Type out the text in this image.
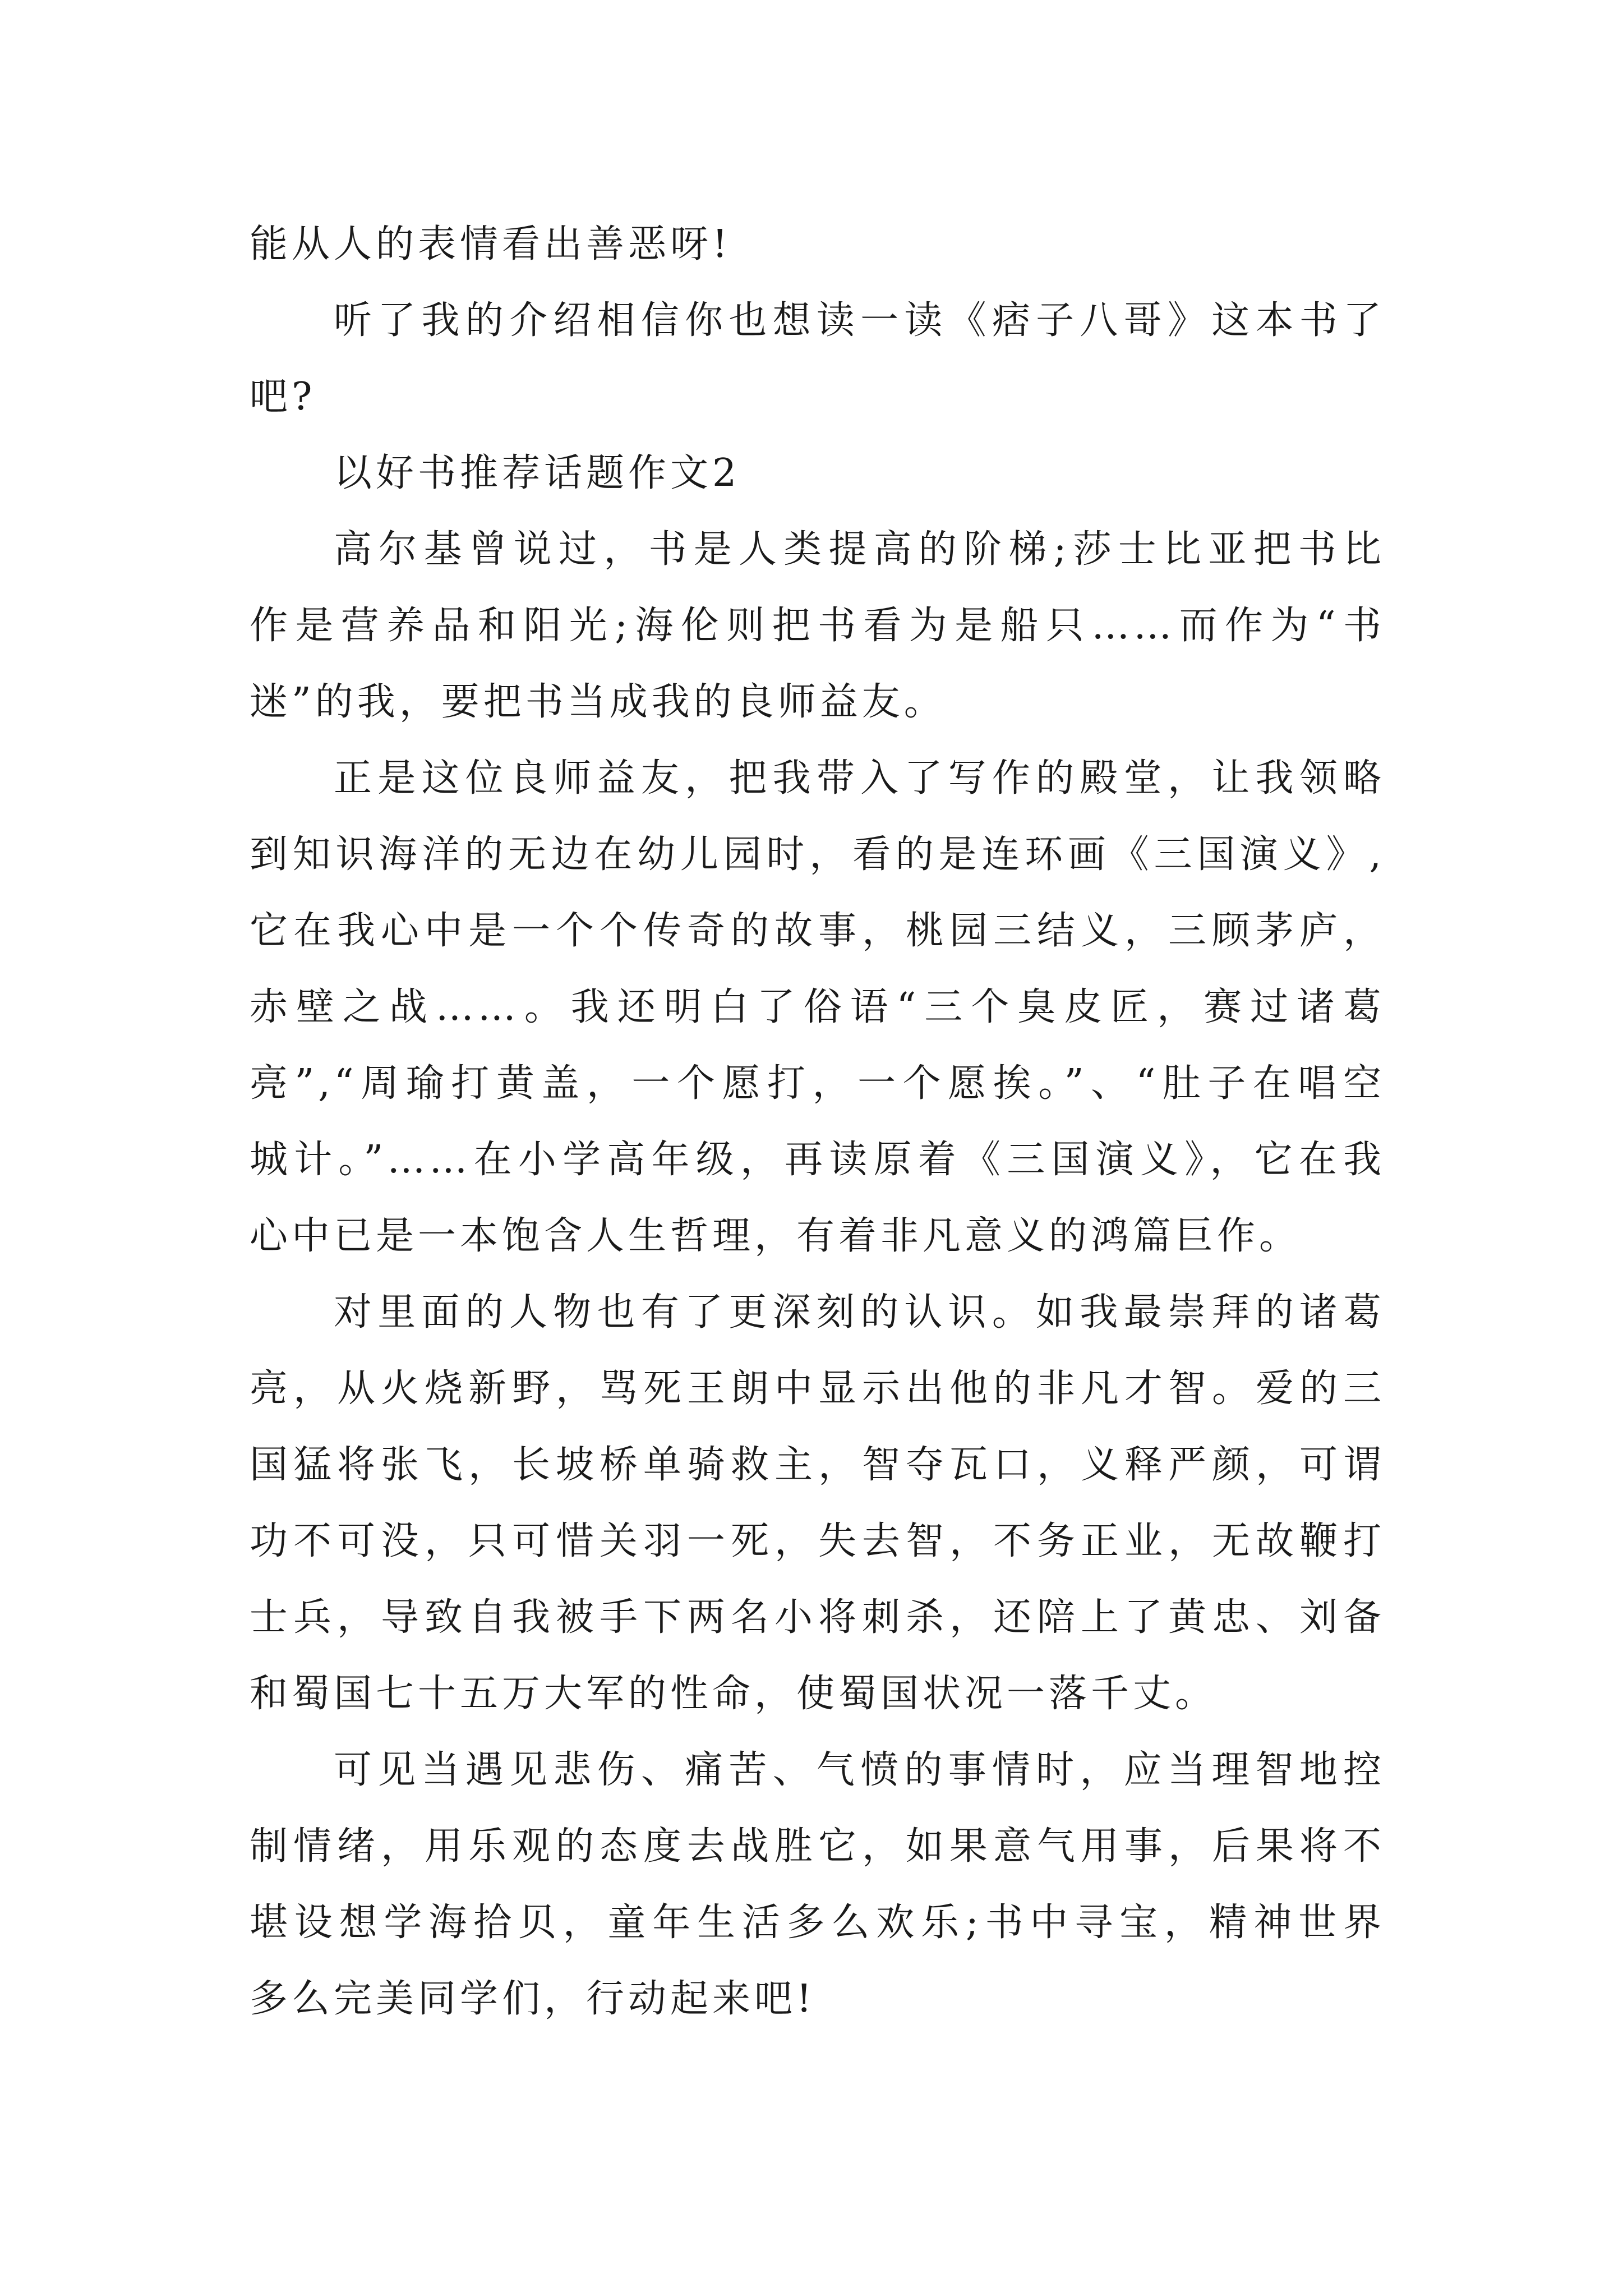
能从人的表情看出善恶呀!
听了我的介绍相信你也想读一读《痞子八哥》这本书了
吧?
以好书推荐话题作文2
高尔基曾说过，书是人类提高的阶梯;莎士比亚把书比
作是营养品和阳光;海伦则把书看为是船只……而作为“书
迷”的我，要把书当成我的良师益友。
正是这位良师益友，把我带入了写作的殿堂，让我领略
到知识海洋的无边在幼儿园时，看的是连环画《三国演义》,
它在我心中是一个个传奇的故事，桃园三结义，三顾茅庐，
赤壁之战……。我还明白了俗语“三个臭皮匠，赛过诸葛
亮”,“周瑜打黄盖，一个愿打，一个愿挨。”、“肚子在唱空
城计。”……在小学高年级，再读原着《三国演义》，它在我
心中已是一本饱含人生哲理，有着非凡意义的鸿篇巨作。
对里面的人物也有了更深刻的认识。如我最崇拜的诸葛
亮，从火烧新野，骂死王朗中显示出他的非凡才智。爱的三
国猛将张飞，长坡桥单骑救主，智夺瓦口，义释严颜，可谓
功不可没，只可惜关羽一死，失去智，不务正业，无故鞭打
士兵，导致自我被手下两名小将刺杀，还陪上了黄忠、刘备
和蜀国七十五万大军的性命，使蜀国状况一落千丈。
可见当遇见悲伤、痛苦、气愤的事情时，应当理智地控
制情绪，用乐观的态度去战胜它，如果意气用事，后果将不
堪设想学海拾贝，童年生活多么欢乐;书中寻宝，精神世界
多么完美同学们，行动起来吧!
